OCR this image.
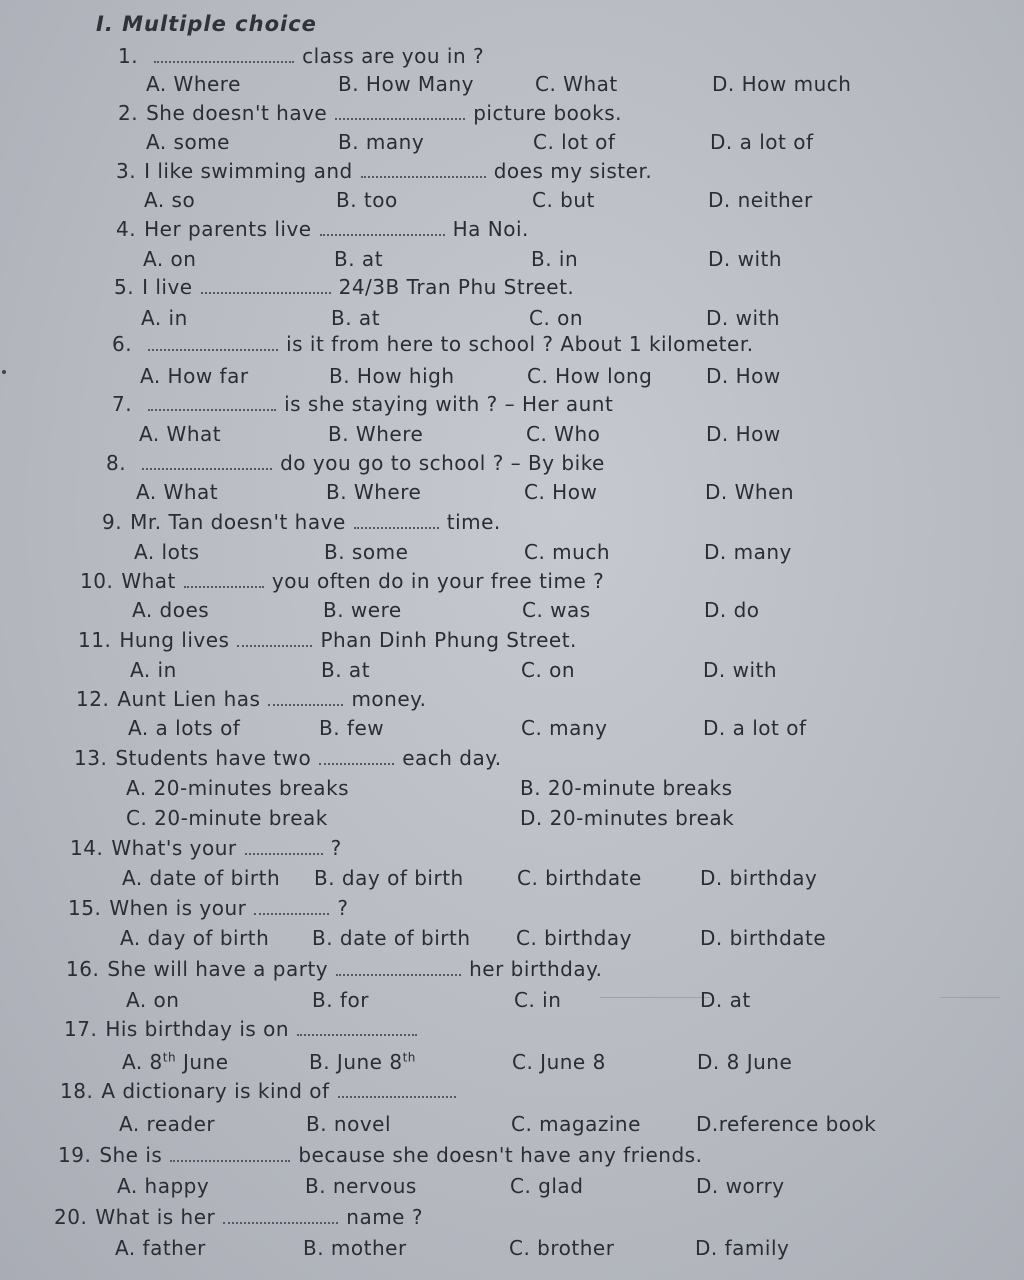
I. Multiple choice
1.	class are you in ?
A. Where	B. How Many	C. What	D. How much
2. She doesn't have	picture books.
A. some	B. many	C. lot of	D. a lot of
3. I like swimming and	does my sister.
A. so	B. too	C. but	D. neither
4. Her parents live	Ha Noi.
A. on	B. at	B. in	D. with
5. I live	24/3B Tran Phu Street.
A. in	B. at	C. on	D. with
6.	is it from here to school ? About 1 kilometer.
A. How far	B. How high	C. How long	D. How
7.	is she staying with ? – Her aunt
A. What	B. Where	C. Who	D. How
8.	do you go to school ? – By bike
A. What	B. Where	C. How	D. When
9. Mr. Tan doesn't have	time.
A. lots	B. some	C. much	D. many
10. What	you often do in your free time ?
A. does	B. were	C. was	D. do
11. Hung lives	Phan Dinh Phung Street.
A. in	B. at	C. on	D. with
12. Aunt Lien has	money.
A. a lots of	B. few	C. many	D. a lot of
13. Students have two	each day.
A. 20-minutes breaks	B. 20-minute breaks
C. 20-minute break	D. 20-minutes break
14. What's your	?
A. date of birth B. day of birth	C. birthdate	D. birthday
15. When is your	?
A. day of birth B. date of birth C. birthday	D. birthdate
16. She will have a party	her birthday.
A. on	B. for	C. in	D. at
17. His birthday is on
A. 8th June	B. June 8th	C. June 8	D. 8 June
18. A dictionary is kind of
A. reader	B. novel	C. magazine	D.reference book
19. She is	because she doesn't have any friends.
A. happy	B. nervous	C. glad	D. worry
20. What is her	name ?
A. father	B. mother	C. brother	D. family
